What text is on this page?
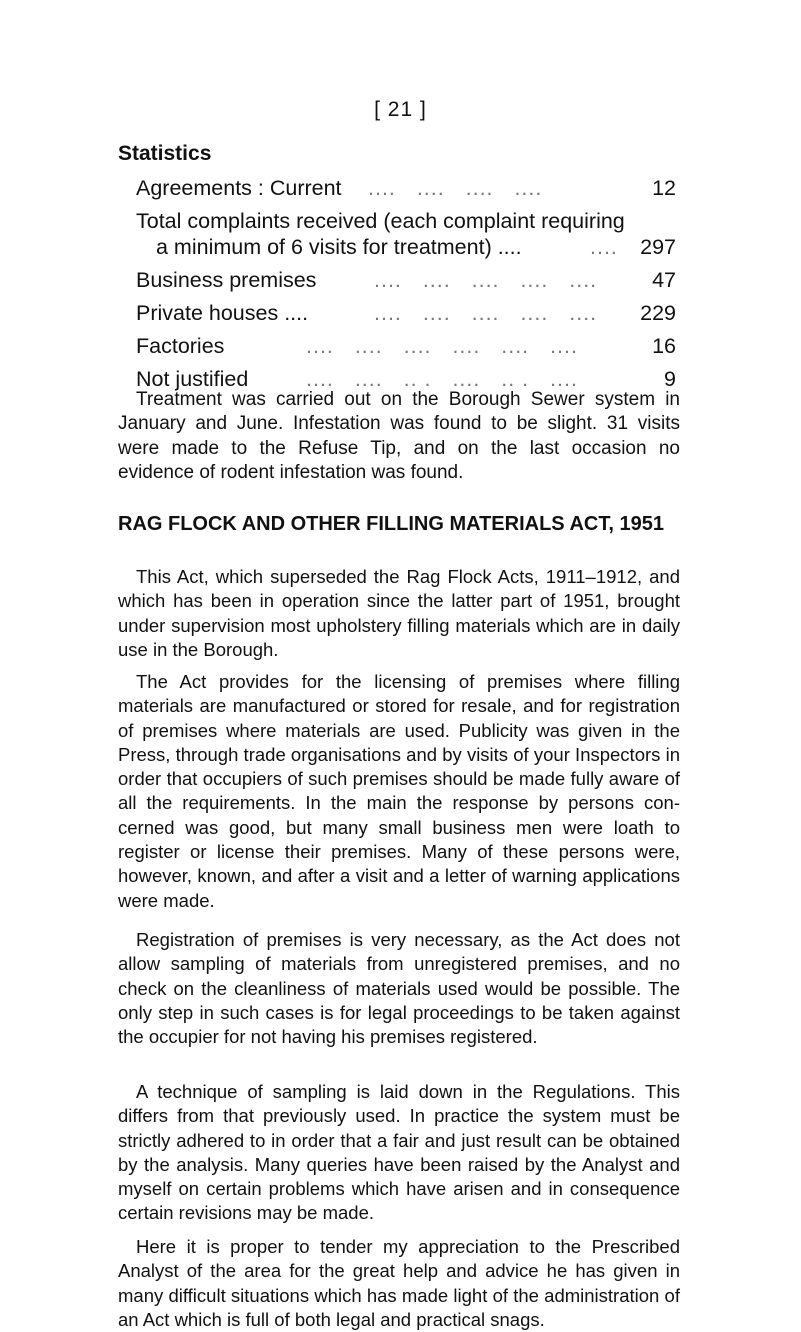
[ 21 ]
Statistics
Agreements : Current ....   ....   ....   ....	12
Total complaints received (each complaint requiring
a minimum of 6 visits for treatment) ....	.... 297
Business premises	....   ....   ....   ....   ....	47
Private houses ....	....   ....   ....   ....   .... 229
Factories	....   ....   ....   ....   ....   ....	16
Not justified	....   ....   .. .   ....   .. .   ....	9

Treatment was carried out on the Borough Sewer system in January and June. Infestation was found to be slight. 31 visits were made to the Refuse Tip, and on the last occasion no evidence of rodent infestation was found.

RAG FLOCK AND OTHER FILLING MATERIALS ACT, 1951

This Act, which superseded the Rag Flock Acts, 1911–1912, and which has been in operation since the latter part of 1951, brought under supervision most upholstery filling materials which are in daily use in the Borough.

The Act provides for the licensing of premises where filling materials are manufactured or stored for resale, and for registration of premises where materials are used. Publicity was given in the Press, through trade organisations and by visits of your Inspectors in order that occupiers of such premises should be made fully aware of all the requirements. In the main the response by persons con-cerned was good, but many small business men were loath to register or license their premises. Many of these persons were, however, known, and after a visit and a letter of warning applications were made.

Registration of premises is very necessary, as the Act does not allow sampling of materials from unregistered premises, and no check on the cleanliness of materials used would be possible. The only step in such cases is for legal proceedings to be taken against the occupier for not having his premises registered.

A technique of sampling is laid down in the Regulations. This differs from that previously used. In practice the system must be strictly adhered to in order that a fair and just result can be obtained by the analysis. Many queries have been raised by the Analyst and myself on certain problems which have arisen and in consequence certain revisions may be made.

Here it is proper to tender my appreciation to the Prescribed Analyst of the area for the great help and advice he has given in many difficult situations which has made light of the administration of an Act which is full of both legal and practical snags.
